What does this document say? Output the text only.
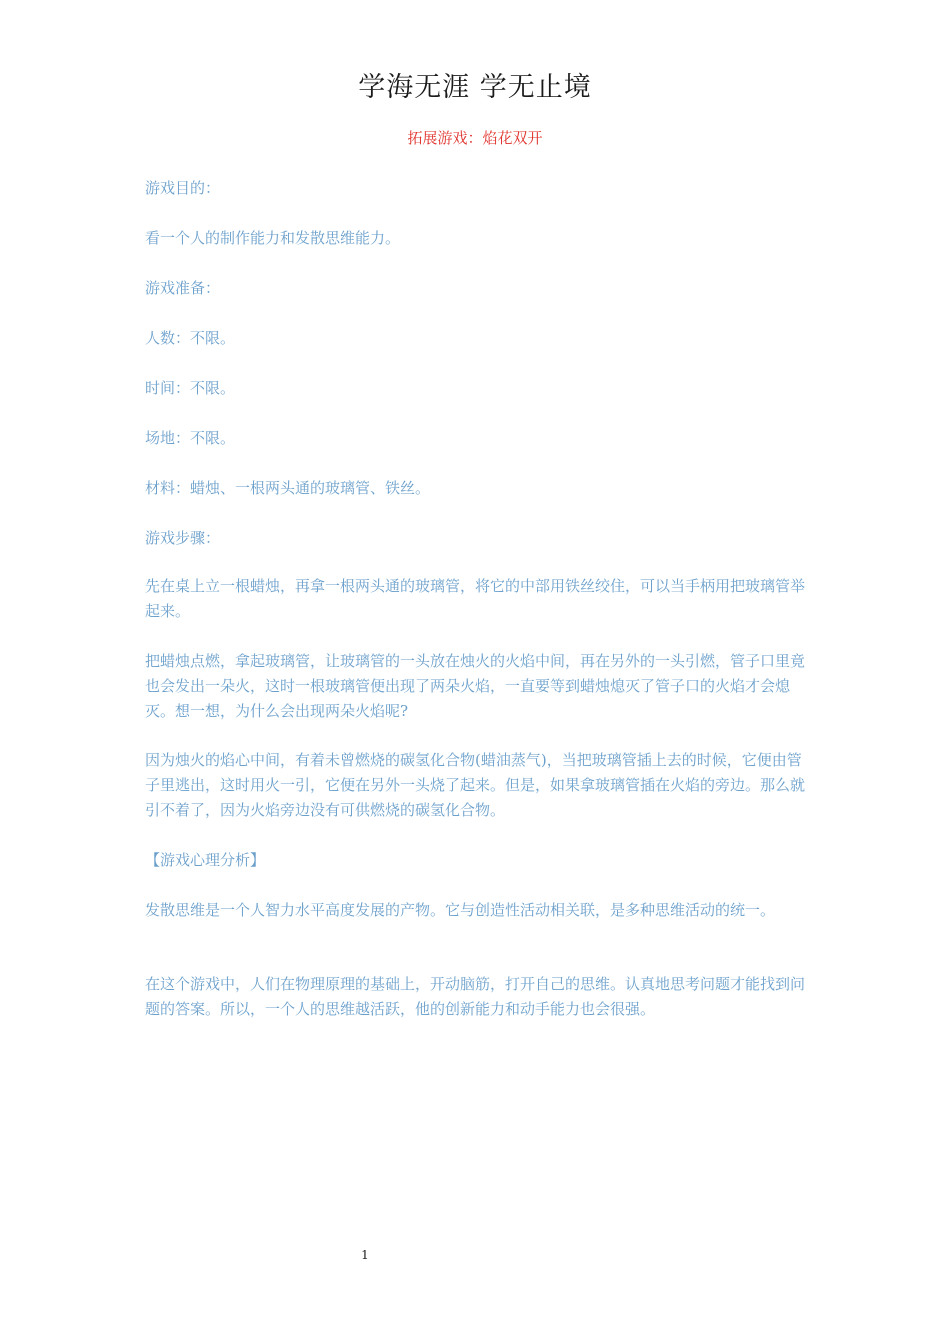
学海无涯 学无止境
拓展游戏：焰花双开

游戏目的：

看一个人的制作能力和发散思维能力。

游戏准备：

人数：不限。

时间：不限。

场地：不限。

材料：蜡烛、一根两头通的玻璃管、铁丝。

游戏步骤：

先在桌上立一根蜡烛，再拿一根两头通的玻璃管，将它的中部用铁丝绞住，可以当手柄用把玻璃管举起来。

把蜡烛点燃，拿起玻璃管，让玻璃管的一头放在烛火的火焰中间，再在另外的一头引燃，管子口里竟也会发出一朵火，这时一根玻璃管便出现了两朵火焰，一直要等到蜡烛熄灭了管子口的火焰才会熄灭。想一想，为什么会出现两朵火焰呢?

因为烛火的焰心中间，有着未曾燃烧的碳氢化合物(蜡油蒸气)，当把玻璃管插上去的时候，它便由管子里逃出，这时用火一引，它便在另外一头烧了起来。但是，如果拿玻璃管插在火焰的旁边。那么就引不着了，因为火焰旁边没有可供燃烧的碳氢化合物。

【游戏心理分析】

发散思维是一个人智力水平高度发展的产物。它与创造性活动相关联，是多种思维活动的统一。

在这个游戏中，人们在物理原理的基础上，开动脑筋，打开自己的思维。认真地思考问题才能找到问题的答案。所以，一个人的思维越活跃，他的创新能力和动手能力也会很强。

1
